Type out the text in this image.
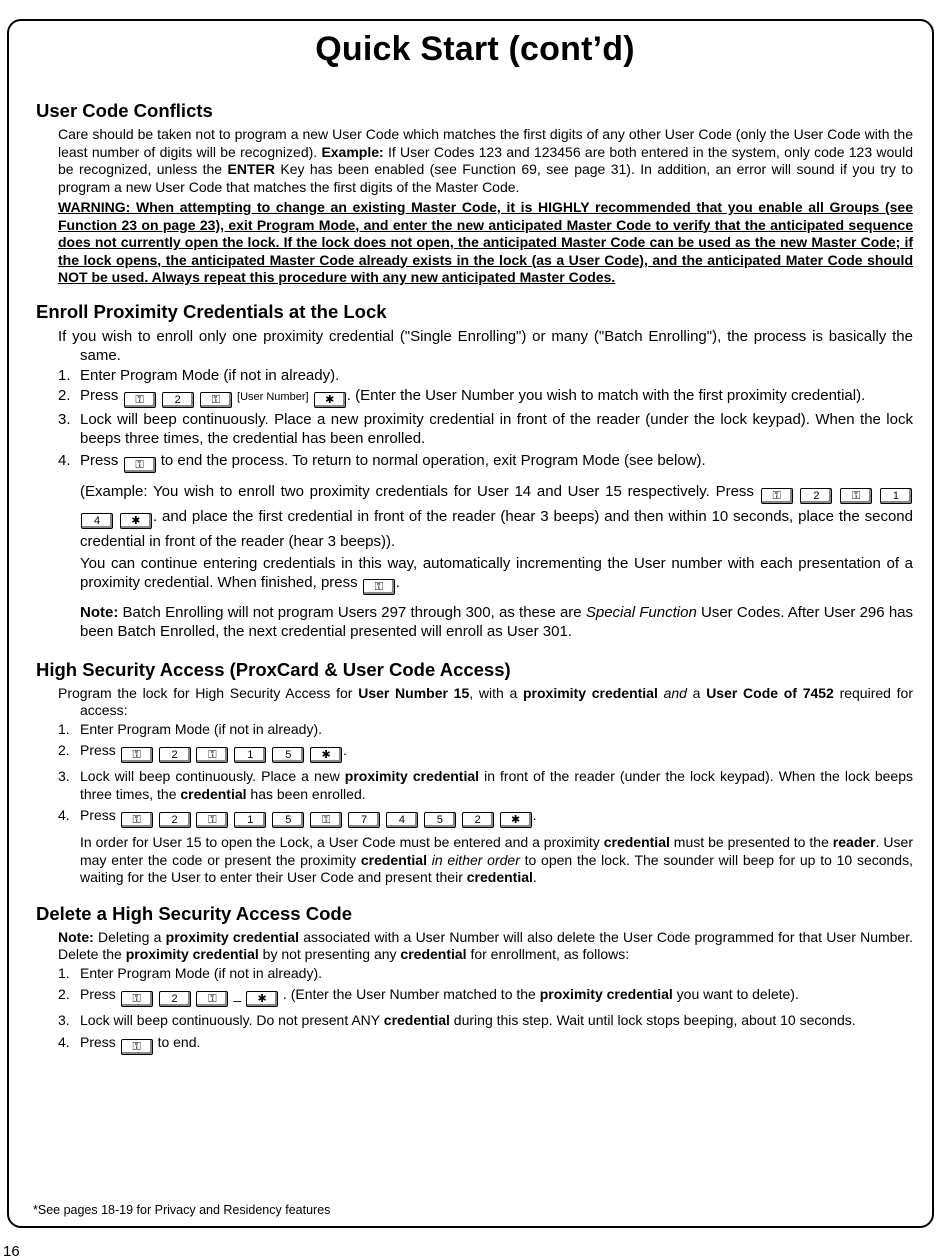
Quick Start (cont’d)
User Code Conflicts

Care should be taken not to program a new User Code which matches the first digits of any other User Code (only the User Code with the least number of digits will be recognized). Example: If User Codes 123 and 123456 are both entered in the system, only code 123 would be recognized, unless the ENTER Key has been enabled (see Function 69, see page 31). In addition, an error will sound if you try to program a new User Code that matches the first digits of the Master Code.

WARNING: When attempting to change an existing Master Code, it is HIGHLY recommended that you enable all Groups (see Function 23 on page 23), exit Program Mode, and enter the new anticipated Master Code to verify that the anticipated sequence does not currently open the lock. If the lock does not open, the anticipated Master Code can be used as the new Master Code; if the lock opens, the anticipated Master Code already exists in the lock (as a User Code), and the anticipated Mater Code should NOT be used. Always repeat this procedure with any new anticipated Master Codes.

Enroll Proximity Credentials at the Lock

If you wish to enroll only one proximity credential ("Single Enrolling") or many ("Batch Enrolling"), the process is basically the same.

1. Enter Program Mode (if not in already).
2. Press ⚿	2	⚿ [User Number] ✱ . (Enter the User Number you wish to match with the first proximity credential).
3. Lock will beep continuously. Place a new proximity credential in front of the reader (under the lock keypad). When the lock beeps three times, the credential has been enrolled.
4. Press ⚿ to end the process. To return to normal operation, exit Program Mode (see below).

(Example: You wish to enroll two proximity credentials for User 14 and User 15 respectively. Press ⚿	2	⚿	1 4	✱ . and place the first credential in front of the reader (hear 3 beeps) and then within 10 seconds, place the second credential in front of the reader (hear 3 beeps)).

You can continue entering credentials in this way, automatically incrementing the User number with each presentation of a proximity credential. When finished, press ⚿ .

Note: Batch Enrolling will not program Users 297 through 300, as these are Special Function User Codes. After User 296 has been Batch Enrolled, the next credential presented will enroll as User 301.

High Security Access (ProxCard & User Code Access)

Program the lock for High Security Access for User Number 15, with a proximity credential and a User Code of 7452 required for access:

1. Enter Program Mode (if not in already).
2. Press ⚿	2	⚿	1	5	✱ .
3. Lock will beep continuously. Place a new proximity credential in front of the reader (under the lock keypad). When the lock beeps three times, the credential has been enrolled.
4. Press ⚿	2	⚿	1	5	⚿	7	4	5	2	✱ .

In order for User 15 to open the Lock, a User Code must be entered and a proximity credential must be presented to the reader. User may enter the code or present the proximity credential in either order to open the lock. The sounder will beep for up to 10 seconds, waiting for the User to enter their User Code and present their credential.

Delete a High Security Access Code

Note: Deleting a proximity credential associated with a User Number will also delete the User Code programmed for that User Number. Delete the proximity credential by not presenting any credential for enrollment, as follows:

1. Enter Program Mode (if not in already).
2. Press ⚿	2	⚿ _ ✱ . (Enter the User Number matched to the proximity credential you want to delete).
3. Lock will beep continuously. Do not present ANY credential during this step. Wait until lock stops beeping, about 10 seconds.
4. Press ⚿ to end.
*See pages 18-19 for Privacy and Residency features
16
